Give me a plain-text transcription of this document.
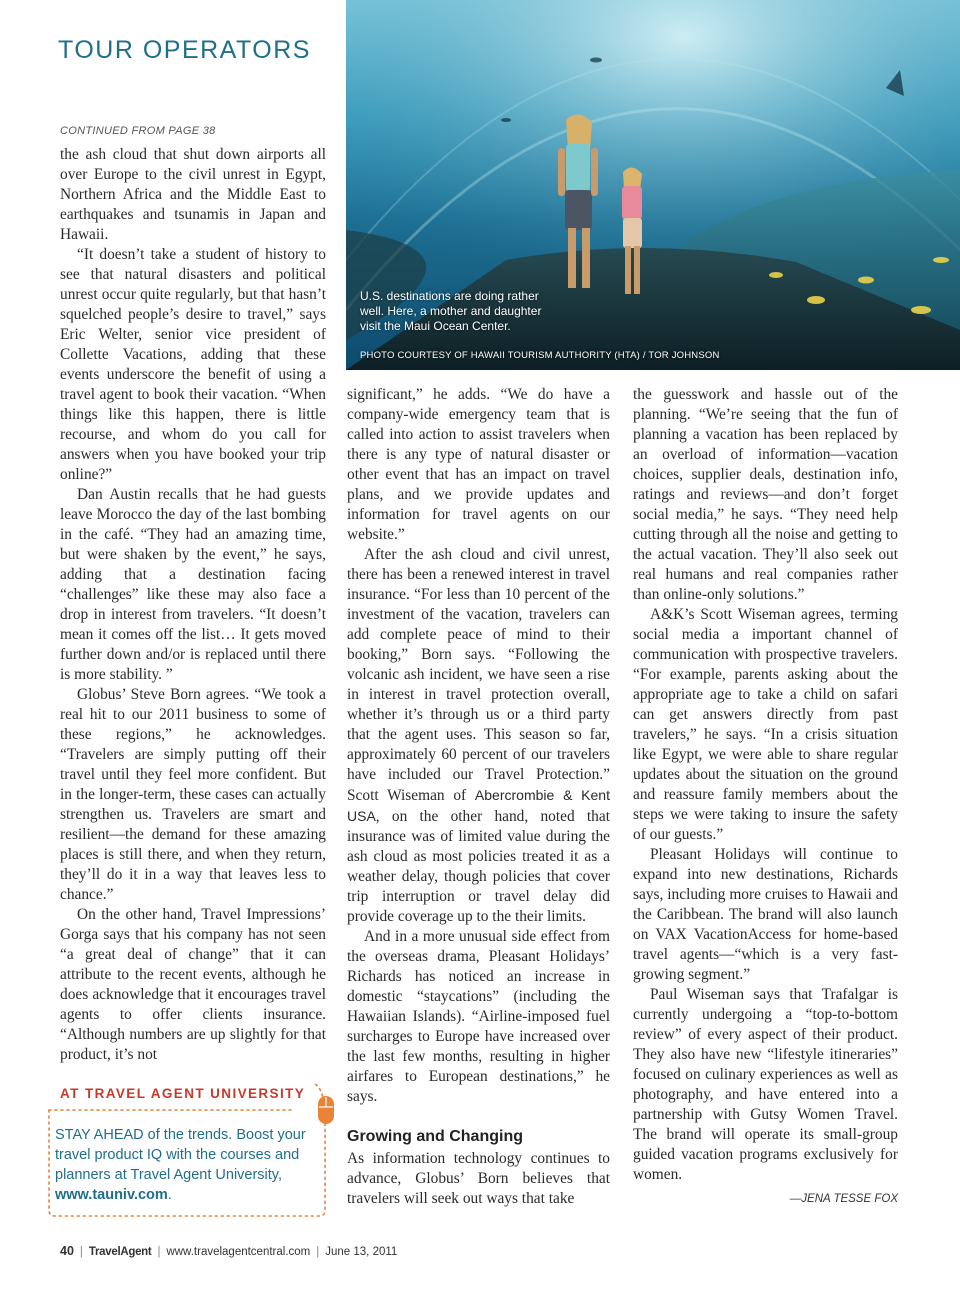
TOUR OPERATORS
CONTINUED FROM PAGE 38

the ash cloud that shut down airports all over Europe to the civil unrest in Egypt, Northern Africa and the Middle East to earthquakes and tsunamis in Japan and Hawaii.

“It doesn’t take a student of history to see that natural disasters and political unrest occur quite regularly, but that hasn’t squelched people’s desire to travel,” says Eric Welter, senior vice president of Collette Vacations, adding that these events underscore the benefit of using a travel agent to book their vacation. “When things like this happen, there is little recourse, and whom do you call for answers when you have booked your trip online?”

Dan Austin recalls that he had guests leave Morocco the day of the last bombing in the café. “They had an amazing time, but were shaken by the event,” he says, adding that a destination facing “challenges” like these may also face a drop in interest from travelers. “It doesn’t mean it comes off the list… It gets moved further down and/or is replaced until there is more stability. ”

Globus’ Steve Born agrees. “We took a real hit to our 2011 business to some of these regions,” he acknowledges. “Travelers are simply putting off their travel until they feel more confident. But in the longer-term, these cases can actually strengthen us. Travelers are smart and resilient—the demand for these amazing places is still there, and when they return, they’ll do it in a way that leaves less to chance.”

On the other hand, Travel Impressions’ Gorga says that his company has not seen “a great deal of change” that it can attribute to the recent events, although he does acknowledge that it encourages travel agents to offer clients insurance. “Although numbers are up slightly for that product, it’s not

U.S. destinations are doing rather well. Here, a mother and daughter visit the Maui Ocean Center.
PHOTO COURTESY OF HAWAII TOURISM AUTHORITY (HTA) / TOR JOHNSON

significant,” he adds. “We do have a company-wide emergency team that is called into action to assist travelers when there is any type of natural disaster or other event that has an impact on travel plans, and we provide updates and information for travel agents on our website.”

After the ash cloud and civil unrest, there has been a renewed interest in travel insurance. “For less than 10 percent of the investment of the vacation, travelers can add complete peace of mind to their booking,” Born says. “Following the volcanic ash incident, we have seen a rise in interest in travel protection overall, whether it’s through us or a third party that the agent uses. This season so far, approximately 60 percent of our travelers have included our Travel Protection.” Scott Wiseman of Abercrombie & Kent USA, on the other hand, noted that insurance was of limited value during the ash cloud as most policies treated it as a weather delay, though policies that cover trip interruption or travel delay did provide coverage up to the their limits.

And in a more unusual side effect from the overseas drama, Pleasant Holidays’ Richards has noticed an increase in domestic “staycations” (including the Hawaiian Islands). “Airline-imposed fuel surcharges to Europe have increased over the last few months, resulting in higher airfares to European destinations,” he says.

Growing and Changing

As information technology continues to advance, Globus’ Born believes that travelers will seek out ways that take

the guesswork and hassle out of the planning. “We’re seeing that the fun of planning a vacation has been replaced by an overload of information—vacation choices, supplier deals, destination info, ratings and reviews—and don’t forget social media,” he says. “They need help cutting through all the noise and getting to the actual vacation. They’ll also seek out real humans and real companies rather than online-only solutions.”

A&K’s Scott Wiseman agrees, terming social media a important channel of communication with prospective travelers. “For example, parents asking about the appropriate age to take a child on safari can get answers directly from past travelers,” he says. “In a crisis situation like Egypt, we were able to share regular updates about the situation on the ground and reassure family members about the steps we were taking to insure the safety of our guests.”

Pleasant Holidays will continue to expand into new destinations, Richards says, including more cruises to Hawaii and the Caribbean. The brand will also launch on VAX VacationAccess for home-based travel agents—“which is a very fast-growing segment.”

Paul Wiseman says that Trafalgar is currently undergoing a “top-to-bottom review” of every aspect of their product. They also have new “lifestyle itineraries” focused on culinary experiences as well as photography, and have entered into a partnership with Gutsy Women Travel. The brand will operate its small-group guided vacation programs exclusively for women.

—JENA TESSE FOX
AT TRAVEL AGENT UNIVERSITY
STAY AHEAD of the trends. Boost your travel product IQ with the courses and planners at Travel Agent University, www.tauniv.com.
40 | TravelAgent | www.travelagentcentral.com | June 13, 2011
